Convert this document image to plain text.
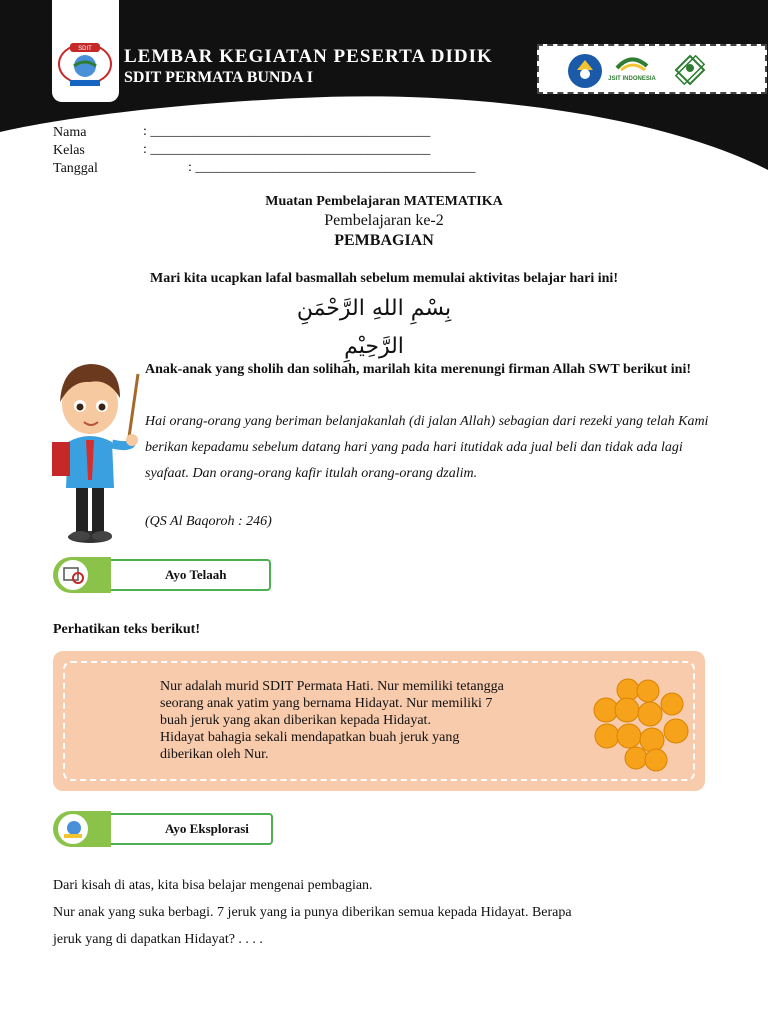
SDIT LEMBAR KEGIATAN PESERTA DIDIK
SDIT PERMATA BUNDA I	JSIT INDONESIA
Nama	: ________________________________________
Kelas	: ________________________________________
Tanggal	: ________________________________________
Muatan Pembelajaran MATEMATIKA
Pembelajaran ke-2
PEMBAGIAN
Mari kita ucapkan lafal basmallah sebelum memulai aktivitas belajar hari ini!
بِسْمِ اللهِ الرَّحْمَنِ الرَّحِيْمِ
Anak-anak yang sholih dan solihah, marilah kita merenungi firman Allah SWT berikut ini!
Hai orang-orang yang beriman belanjakanlah (di jalan Allah) sebagian dari rezeki yang telah Kami berikan kepadamu sebelum datang hari yang pada hari itutidak ada jual beli dan tidak ada lagi syafaat. Dan orang-orang kafir itulah orang-orang dzalim.
(QS Al Baqoroh : 246)
Ayo Telaah
Perhatikan teks berikut!
Nur adalah murid SDIT Permata Hati. Nur memiliki tetangga
seorang anak yatim yang bernama Hidayat. Nur memiliki 7
buah jeruk yang akan diberikan kepada Hidayat.
Hidayat bahagia sekali mendapatkan buah jeruk yang
diberikan oleh Nur.
Ayo Eksplorasi
Dari kisah di atas, kita bisa belajar mengenai pembagian.
Nur anak yang suka berbagi. 7 jeruk yang ia punya diberikan semua kepada Hidayat. Berapa
jeruk yang di dapatkan Hidayat? . . . .
